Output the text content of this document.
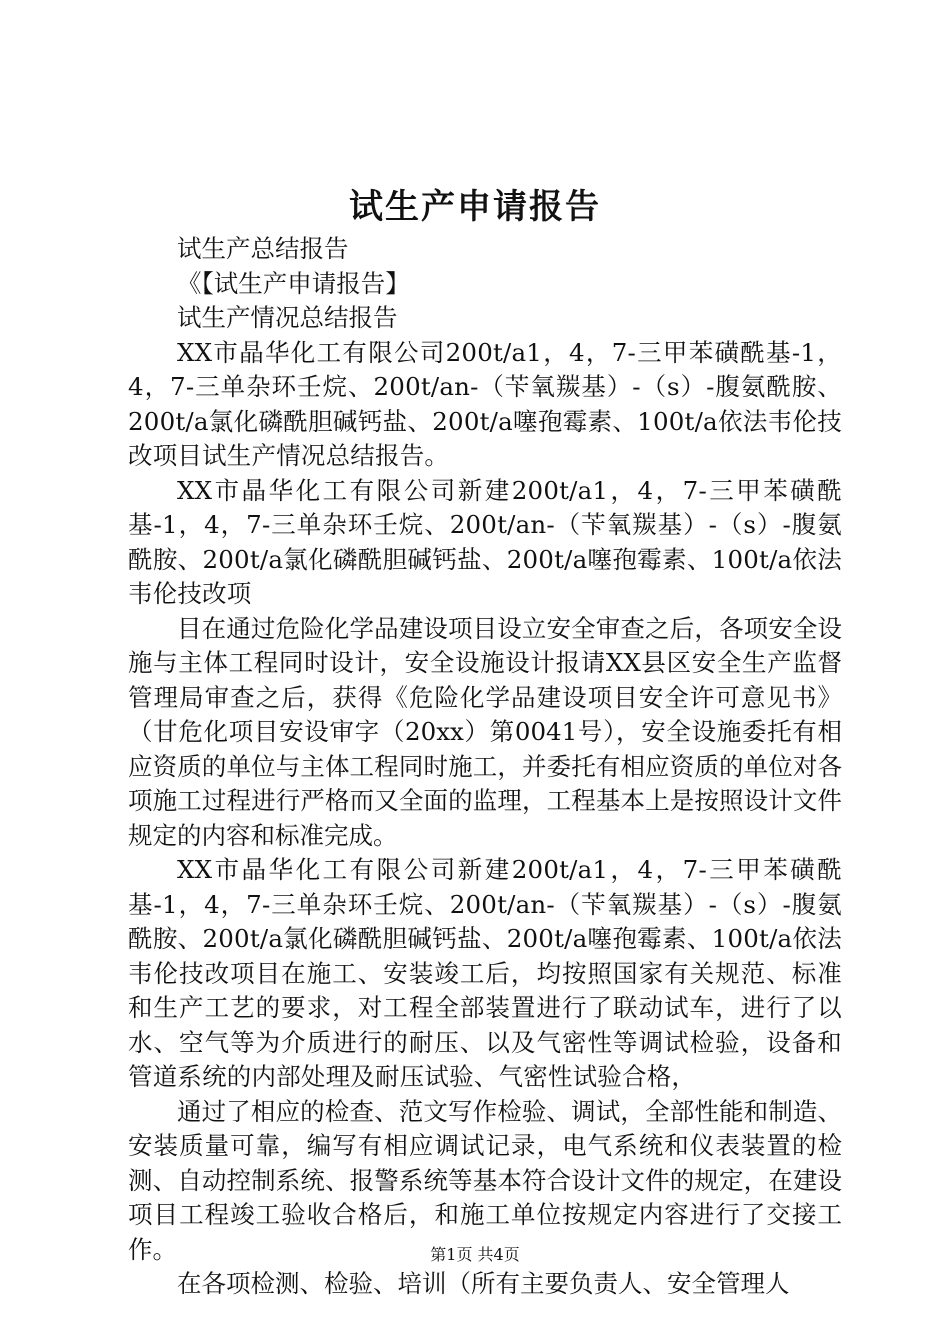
试生产申请报告

试生产总结报告

《【试生产申请报告】

试生产情况总结报告

XX市晶华化工有限公司200t/a1，4，7-三甲苯磺酰基-1，4，7-三单杂环壬烷、200t/an-（苄氧羰基）-（s）-腹氨酰胺、200t/a氯化磷酰胆碱钙盐、200t/a噻孢霉素、100t/a依法韦伦技改项目试生产情况总结报告。

XX市晶华化工有限公司新建200t/a1，4，7-三甲苯磺酰基-1，4，7-三单杂环壬烷、200t/an-（苄氧羰基）-（s）-腹氨酰胺、200t/a氯化磷酰胆碱钙盐、200t/a噻孢霉素、100t/a依法韦伦技改项

目在通过危险化学品建设项目设立安全审查之后，各项安全设施与主体工程同时设计，安全设施设计报请XX县区安全生产监督管理局审查之后，获得《危险化学品建设项目安全许可意见书》（甘危化项目安设审字（20xx）第0041号），安全设施委托有相应资质的单位与主体工程同时施工，并委托有相应资质的单位对各项施工过程进行严格而又全面的监理，工程基本上是按照设计文件规定的内容和标准完成。

XX市晶华化工有限公司新建200t/a1，4，7-三甲苯磺酰基-1，4，7-三单杂环壬烷、200t/an-（苄氧羰基）-（s）-腹氨酰胺、200t/a氯化磷酰胆碱钙盐、200t/a噻孢霉素、100t/a依法韦伦技改项目在施工、安装竣工后，均按照国家有关规范、标准和生产工艺的要求，对工程全部装置进行了联动试车，进行了以水、空气等为介质进行的耐压、以及气密性等调试检验，设备和管道系统的内部处理及耐压试验、气密性试验合格，

通过了相应的检查、范文写作检验、调试，全部性能和制造、安装质量可靠，编写有相应调试记录，电气系统和仪表装置的检测、自动控制系统、报警系统等基本符合设计文件的规定，在建设项目工程竣工验收合格后，和施工单位按规定内容进行了交接工作。

在各项检测、检验、培训（所有主要负责人、安全管理人

第1页 共4页
